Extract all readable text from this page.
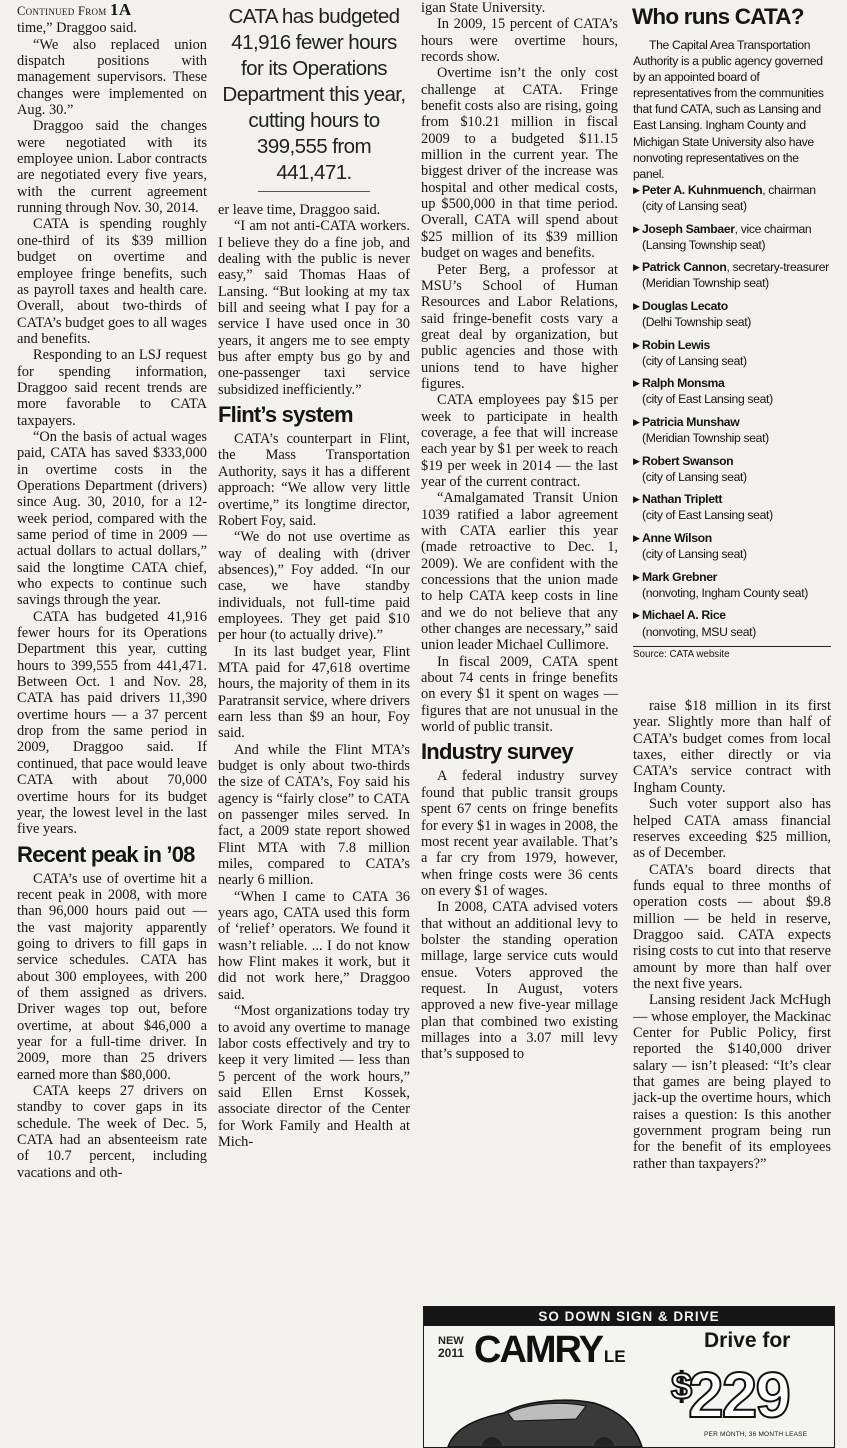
Continued From 1A

time,” Draggoo said.

“We also replaced union dispatch positions with management supervisors. These changes were implemented on Aug. 30.”

Draggoo said the changes were negotiated with its employee union. Labor contracts are negotiated every five years, with the current agreement running through Nov. 30, 2014.

CATA is spending roughly one-third of its $39 million budget on overtime and employee fringe benefits, such as payroll taxes and health care. Overall, about two-thirds of CATA’s budget goes to all wages and benefits.

Responding to an LSJ request for spending information, Draggoo said recent trends are more favorable to CATA taxpayers.

“On the basis of actual wages paid, CATA has saved $333,000 in overtime costs in the Operations Department (drivers) since Aug. 30, 2010, for a 12-week period, compared with the same period of time in 2009 — actual dollars to actual dollars,” said the longtime CATA chief, who expects to continue such savings through the year.

CATA has budgeted 41,916 fewer hours for its Operations Department this year, cutting hours to 399,555 from 441,471. Between Oct. 1 and Nov. 28, CATA has paid drivers 11,390 overtime hours — a 37 percent drop from the same period in 2009, Draggoo said. If continued, that pace would leave CATA with about 70,000 overtime hours for its budget year, the lowest level in the last five years.

Recent peak in ’08

CATA’s use of overtime hit a recent peak in 2008, with more than 96,000 hours paid out — the vast majority apparently going to drivers to fill gaps in service schedules. CATA has about 300 employees, with 200 of them assigned as drivers. Driver wages top out, before overtime, at about $46,000 a year for a full-time driver. In 2009, more than 25 drivers earned more than $80,000.

CATA keeps 27 drivers on standby to cover gaps in its schedule. The week of Dec. 5, CATA had an absenteeism rate of 10.7 percent, including vacations and oth-

CATA has budgeted 41,916 fewer hours for its Operations Department this year, cutting hours to 399,555 from 441,471.

er leave time, Draggoo said.

“I am not anti-CATA workers. I believe they do a fine job, and dealing with the public is never easy,” said Thomas Haas of Lansing. “But looking at my tax bill and seeing what I pay for a service I have used once in 30 years, it angers me to see empty bus after empty bus go by and one-passenger taxi service subsidized inefficiently.”

Flint’s system

CATA’s counterpart in Flint, the Mass Transportation Authority, says it has a different approach: “We allow very little overtime,” its longtime director, Robert Foy, said.

“We do not use overtime as way of dealing with (driver absences),” Foy added. “In our case, we have standby individuals, not full-time paid employees. They get paid $10 per hour (to actually drive).”

In its last budget year, Flint MTA paid for 47,618 overtime hours, the majority of them in its Paratransit service, where drivers earn less than $9 an hour, Foy said.

And while the Flint MTA’s budget is only about two-thirds the size of CATA’s, Foy said his agency is “fairly close” to CATA on passenger miles served. In fact, a 2009 state report showed Flint MTA with 7.8 million miles, compared to CATA’s nearly 6 million.

“When I came to CATA 36 years ago, CATA used this form of ‘relief’ operators. We found it wasn’t reliable. ... I do not know how Flint makes it work, but it did not work here,” Draggoo said.

“Most organizations today try to avoid any overtime to manage labor costs effectively and try to keep it very limited — less than 5 percent of the work hours,” said Ellen Ernst Kossek, associate director of the Center for Work Family and Health at Mich-

igan State University.

In 2009, 15 percent of CATA’s hours were overtime hours, records show.

Overtime isn’t the only cost challenge at CATA. Fringe benefit costs also are rising, going from $10.21 million in fiscal 2009 to a budgeted $11.15 million in the current year. The biggest driver of the increase was hospital and other medical costs, up $500,000 in that time period. Overall, CATA will spend about $25 million of its $39 million budget on wages and benefits.

Peter Berg, a professor at MSU’s School of Human Resources and Labor Relations, said fringe-benefit costs vary a great deal by organization, but public agencies and those with unions tend to have higher figures.

CATA employees pay $15 per week to participate in health coverage, a fee that will increase each year by $1 per week to reach $19 per week in 2014 — the last year of the current contract.

“Amalgamated Transit Union 1039 ratified a labor agreement with CATA earlier this year (made retroactive to Dec. 1, 2009). We are confident with the concessions that the union made to help CATA keep costs in line and we do not believe that any other changes are necessary,” said union leader Michael Cullimore.

In fiscal 2009, CATA spent about 74 cents in fringe benefits on every $1 it spent on wages — figures that are not unusual in the world of public transit.

Industry survey

A federal industry survey found that public transit groups spent 67 cents on fringe benefits for every $1 in wages in 2008, the most recent year available. That’s a far cry from 1979, however, when fringe costs were 36 cents on every $1 of wages.

In 2008, CATA advised voters that without an additional levy to bolster the standing operation millage, large service cuts would ensue. Voters approved the request. In August, voters approved a new five-year millage plan that combined two existing millages into a 3.07 mill levy that’s supposed to

Who runs CATA?

The Capital Area Transportation Authority is a public agency governed by an appointed board of representatives from the communities that fund CATA, such as Lansing and East Lansing. Ingham County and Michigan State University also have nonvoting representatives on the panel.

▶ Peter A. Kuhnmuench, chairman
(city of Lansing seat)
▶ Joseph Sambaer, vice chairman
(Lansing Township seat)
▶ Patrick Cannon, secretary-treasurer
(Meridian Township seat)
▶ Douglas Lecato
(Delhi Township seat)
▶ Robin Lewis
(city of Lansing seat)
▶ Ralph Monsma
(city of East Lansing seat)
▶ Patricia Munshaw
(Meridian Township seat)
▶ Robert Swanson
(city of Lansing seat)
▶ Nathan Triplett
(city of East Lansing seat)
▶ Anne Wilson
(city of Lansing seat)
▶ Mark Grebner
(nonvoting, Ingham County seat)
▶ Michael A. Rice
(nonvoting, MSU seat)
Source: CATA website

raise $18 million in its first year. Slightly more than half of CATA’s budget comes from local taxes, either directly or via CATA’s service contract with Ingham County.

Such voter support also has helped CATA amass financial reserves exceeding $25 million, as of December.

CATA’s board directs that funds equal to three months of operation costs — about $9.8 million — be held in reserve, Draggoo said. CATA expects rising costs to cut into that reserve amount by more than half over the next five years.

Lansing resident Jack McHugh — whose employer, the Mackinac Center for Public Policy, first reported the $140,000 driver salary — isn’t pleased: “It’s clear that games are being played to jack-up the overtime hours, which raises a question: Is this another government program being run for the benefit of its employees rather than taxpayers?”

SO DOWN SIGN & DRIVE
NEW
2011 CAMRY LE
Drive for
$229
PER MONTH, 36 MONTH LEASE
